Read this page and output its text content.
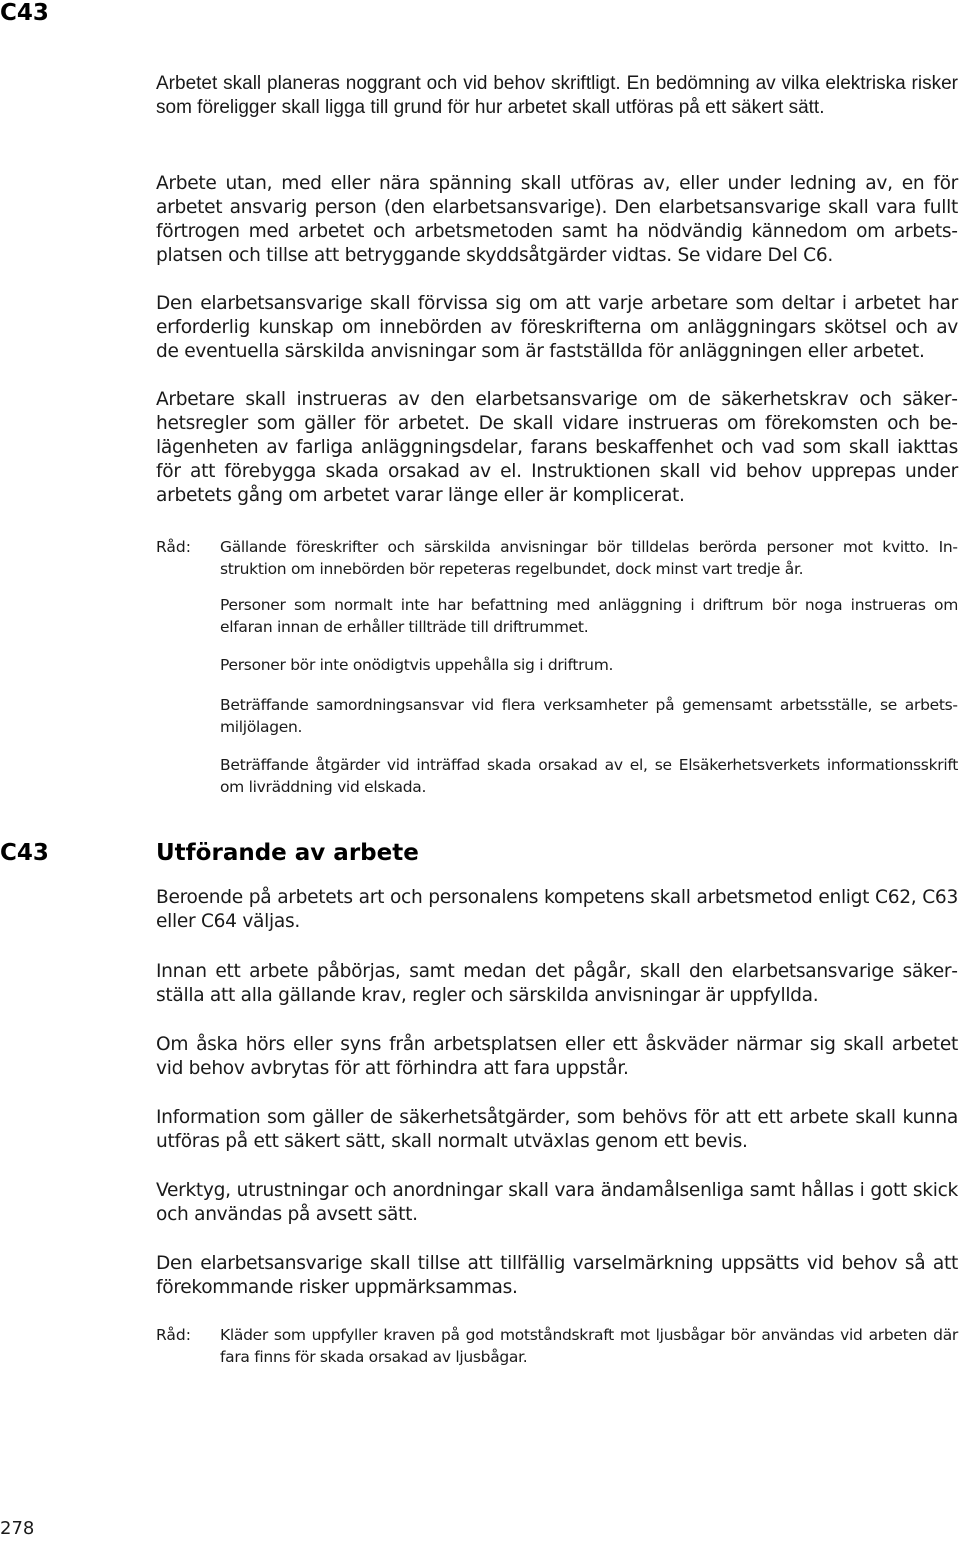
C43

Arbetet skall planeras noggrant och vid behov skriftligt. En bedömning av vilka elektriska risker som föreligger skall ligga till grund för hur arbetet skall utföras på ett säkert sätt.

Arbete utan, med eller nära spänning skall utföras av, eller under ledning av, en för arbetet ansvarig person (den elarbetsansvarige). Den elarbetsansvarige skall vara fullt förtrogen med arbetet och arbetsmetoden samt ha nödvändig kännedom om arbetsplatsen och tillse att betryggande skyddsåtgärder vidtas. Se vidare Del C6.

Den elarbetsansvarige skall förvissa sig om att varje arbetare som deltar i arbetet har erforderlig kunskap om innebörden av föreskrifterna om anläggningars skötsel och av de eventuella särskilda anvisningar som är fastställda för anläggningen eller arbetet.

Arbetare skall instrueras av den elarbetsansvarige om de säkerhetskrav och säkerhetsregler som gäller för arbetet. De skall vidare instrueras om förekomsten och belägenheten av farliga anläggningsdelar, farans beskaffenhet och vad som skall iakttas för att förebygga skada orsakad av el. Instruktionen skall vid behov upprepas under arbetets gång om arbetet varar länge eller är komplicerat.

Råd: Gällande föreskrifter och särskilda anvisningar bör tilldelas berörda personer mot kvitto. Instruktion om innebörden bör repeteras regelbundet, dock minst vart tredje år.

Personer som normalt inte har befattning med anläggning i driftrum bör noga instrueras om elfaran innan de erhåller tillträde till driftrummet.

Personer bör inte onödigtvis uppehålla sig i driftrum.

Beträffande samordningsansvar vid flera verksamheter på gemensamt arbetsställe, se arbetsmiljölagen.

Beträffande åtgärder vid inträffad skada orsakad av el, se Elsäkerhetsverkets informationsskrift om livräddning vid elskada.

C43	Utförande av arbete

Beroende på arbetets art och personalens kompetens skall arbetsmetod enligt C62, C63 eller C64 väljas.

Innan ett arbete påbörjas, samt medan det pågår, skall den elarbetsansvarige säkerställa att alla gällande krav, regler och särskilda anvisningar är uppfyllda.

Om åska hörs eller syns från arbetsplatsen eller ett åskväder närmar sig skall arbetet vid behov avbrytas för att förhindra att fara uppstår.

Information som gäller de säkerhetsåtgärder, som behövs för att ett arbete skall kunna utföras på ett säkert sätt, skall normalt utväxlas genom ett bevis.

Verktyg, utrustningar och anordningar skall vara ändamålsenliga samt hållas i gott skick och användas på avsett sätt.

Den elarbetsansvarige skall tillse att tillfällig varselmärkning uppsätts vid behov så att förekommande risker uppmärksammas.

Råd: Kläder som uppfyller kraven på god motståndskraft mot ljusbågar bör användas vid arbeten där fara finns för skada orsakad av ljusbågar.

278
